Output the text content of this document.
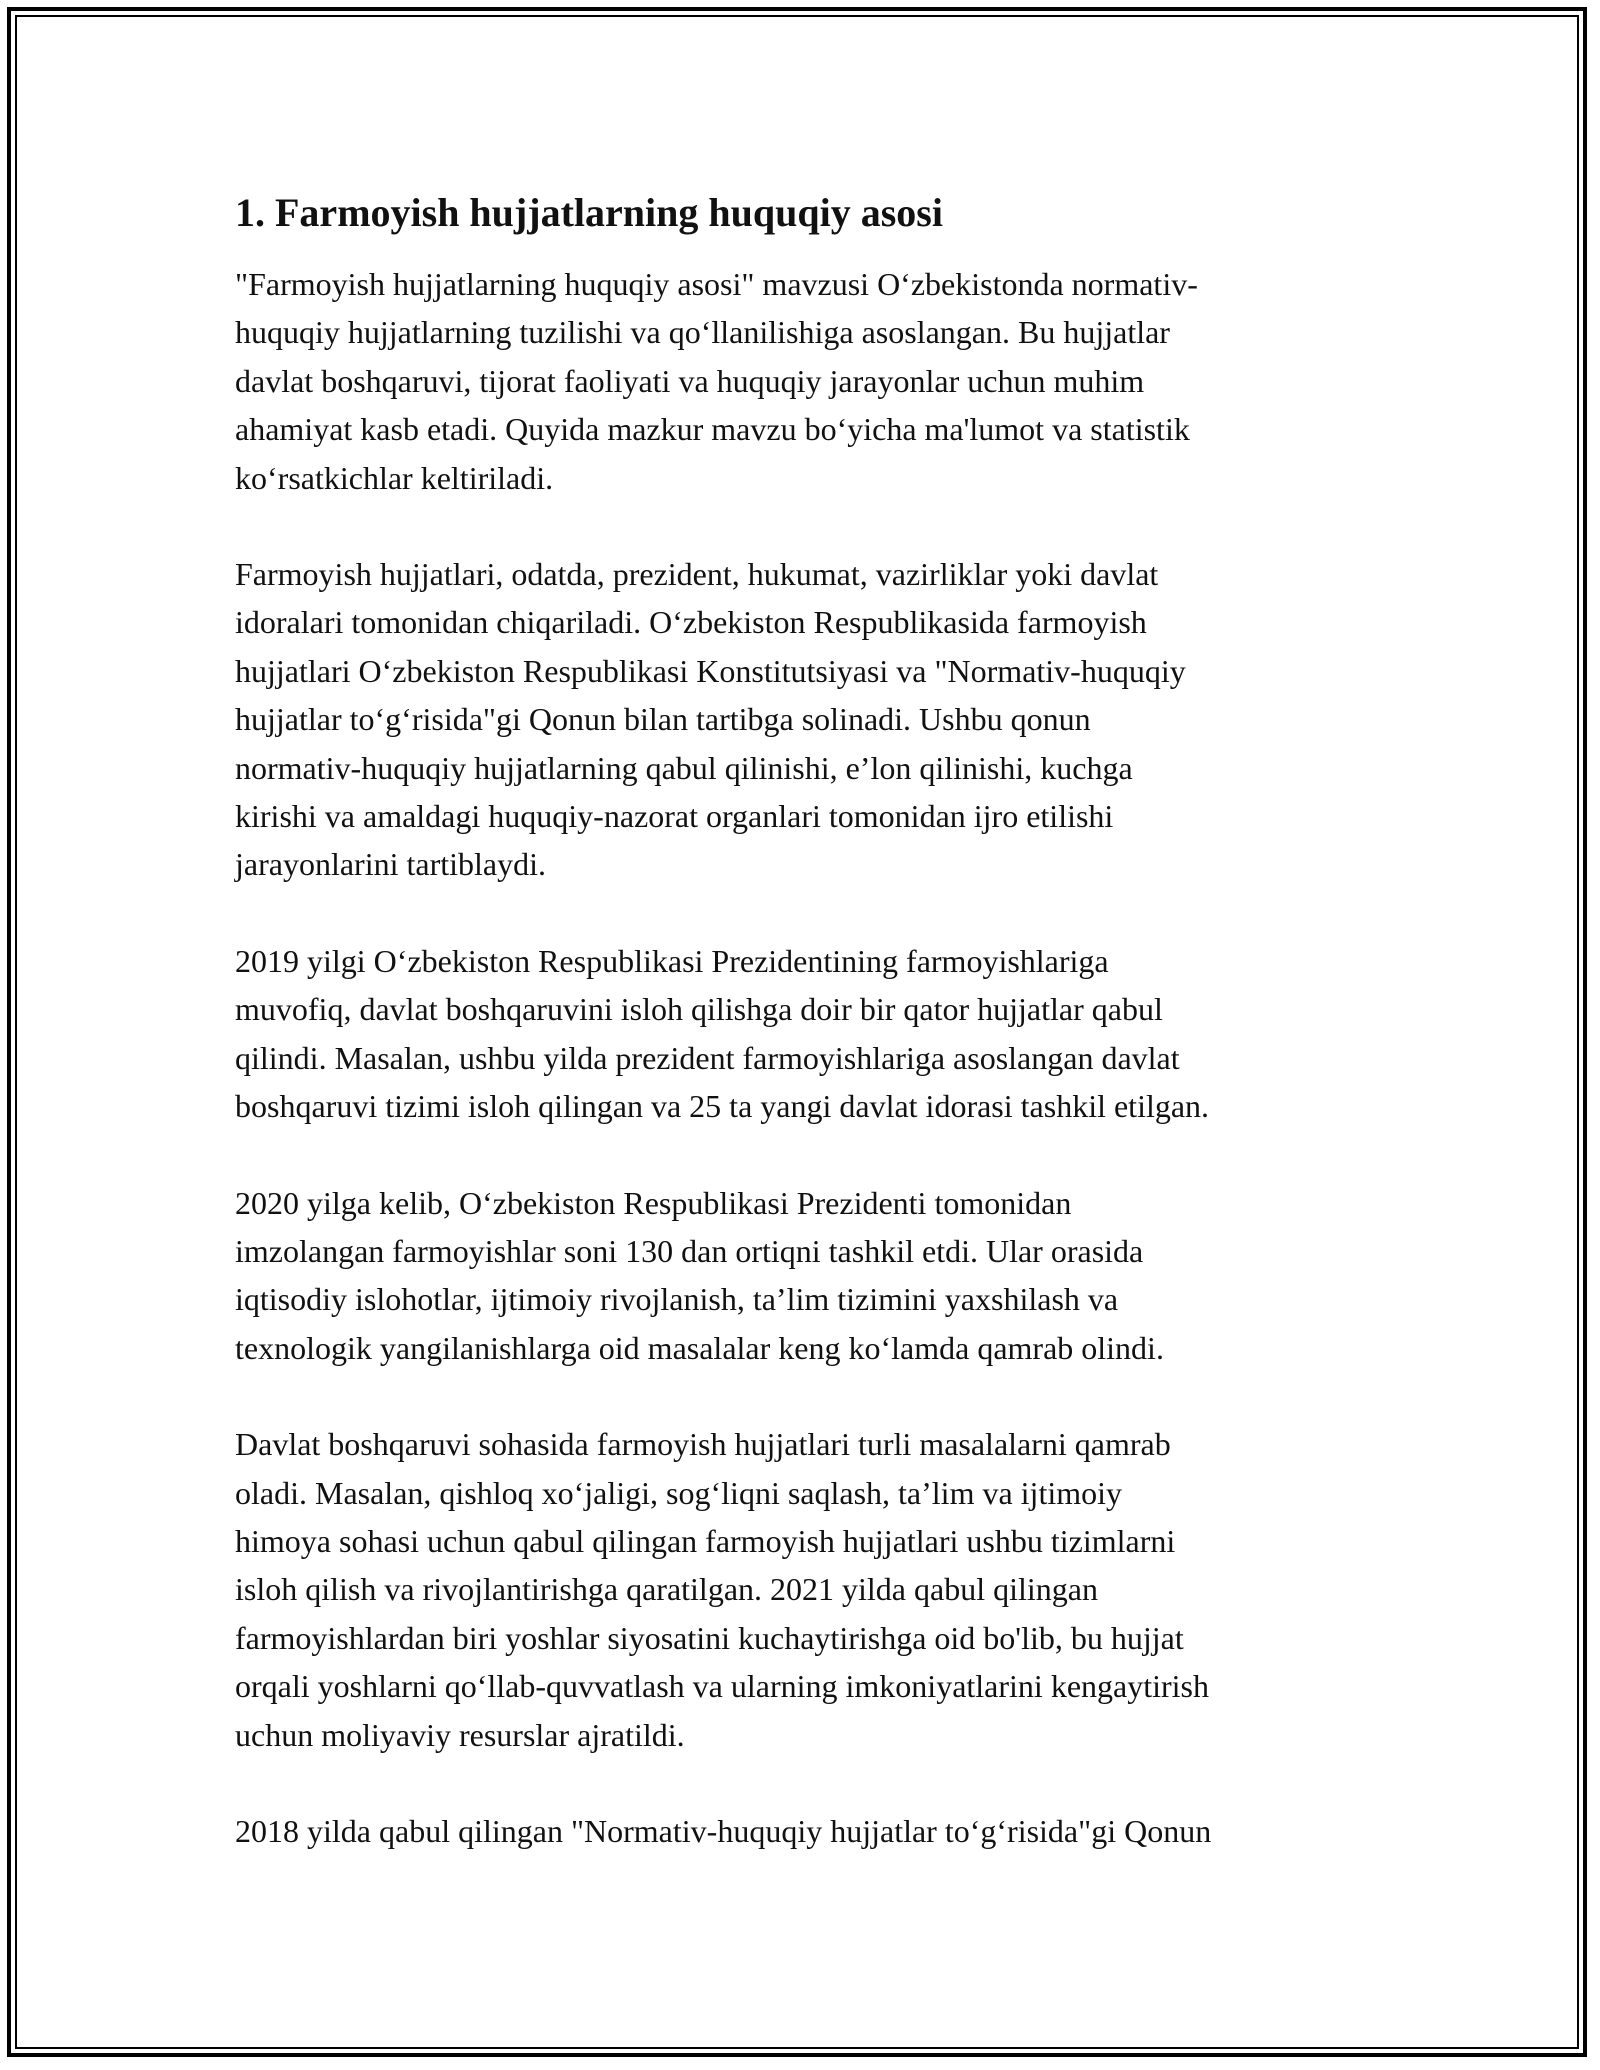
1. Farmoyish hujjatlarning huquqiy asosi

"Farmoyish hujjatlarning huquqiy asosi" mavzusi O‘zbekistonda normativ-
huquqiy hujjatlarning tuzilishi va qo‘llanilishiga asoslangan. Bu hujjatlar
davlat boshqaruvi, tijorat faoliyati va huquqiy jarayonlar uchun muhim
ahamiyat kasb etadi. Quyida mazkur mavzu bo‘yicha ma'lumot va statistik
ko‘rsatkichlar keltiriladi.

Farmoyish hujjatlari, odatda, prezident, hukumat, vazirliklar yoki davlat
idoralari tomonidan chiqariladi. O‘zbekiston Respublikasida farmoyish
hujjatlari O‘zbekiston Respublikasi Konstitutsiyasi va "Normativ-huquqiy
hujjatlar to‘g‘risida"gi Qonun bilan tartibga solinadi. Ushbu qonun
normativ-huquqiy hujjatlarning qabul qilinishi, e’lon qilinishi, kuchga
kirishi va amaldagi huquqiy-nazorat organlari tomonidan ijro etilishi
jarayonlarini tartiblaydi.

2019 yilgi O‘zbekiston Respublikasi Prezidentining farmoyishlariga
muvofiq, davlat boshqaruvini isloh qilishga doir bir qator hujjatlar qabul
qilindi. Masalan, ushbu yilda prezident farmoyishlariga asoslangan davlat
boshqaruvi tizimi isloh qilingan va 25 ta yangi davlat idorasi tashkil etilgan.

2020 yilga kelib, O‘zbekiston Respublikasi Prezidenti tomonidan
imzolangan farmoyishlar soni 130 dan ortiqni tashkil etdi. Ular orasida
iqtisodiy islohotlar, ijtimoiy rivojlanish, ta’lim tizimini yaxshilash va
texnologik yangilanishlarga oid masalalar keng ko‘lamda qamrab olindi.

Davlat boshqaruvi sohasida farmoyish hujjatlari turli masalalarni qamrab
oladi. Masalan, qishloq xo‘jaligi, sog‘liqni saqlash, ta’lim va ijtimoiy
himoya sohasi uchun qabul qilingan farmoyish hujjatlari ushbu tizimlarni
isloh qilish va rivojlantirishga qaratilgan. 2021 yilda qabul qilingan
farmoyishlardan biri yoshlar siyosatini kuchaytirishga oid bo'lib, bu hujjat
orqali yoshlarni qo‘llab-quvvatlash va ularning imkoniyatlarini kengaytirish
uchun moliyaviy resurslar ajratildi.

2018 yilda qabul qilingan "Normativ-huquqiy hujjatlar to‘g‘risida"gi Qonun
